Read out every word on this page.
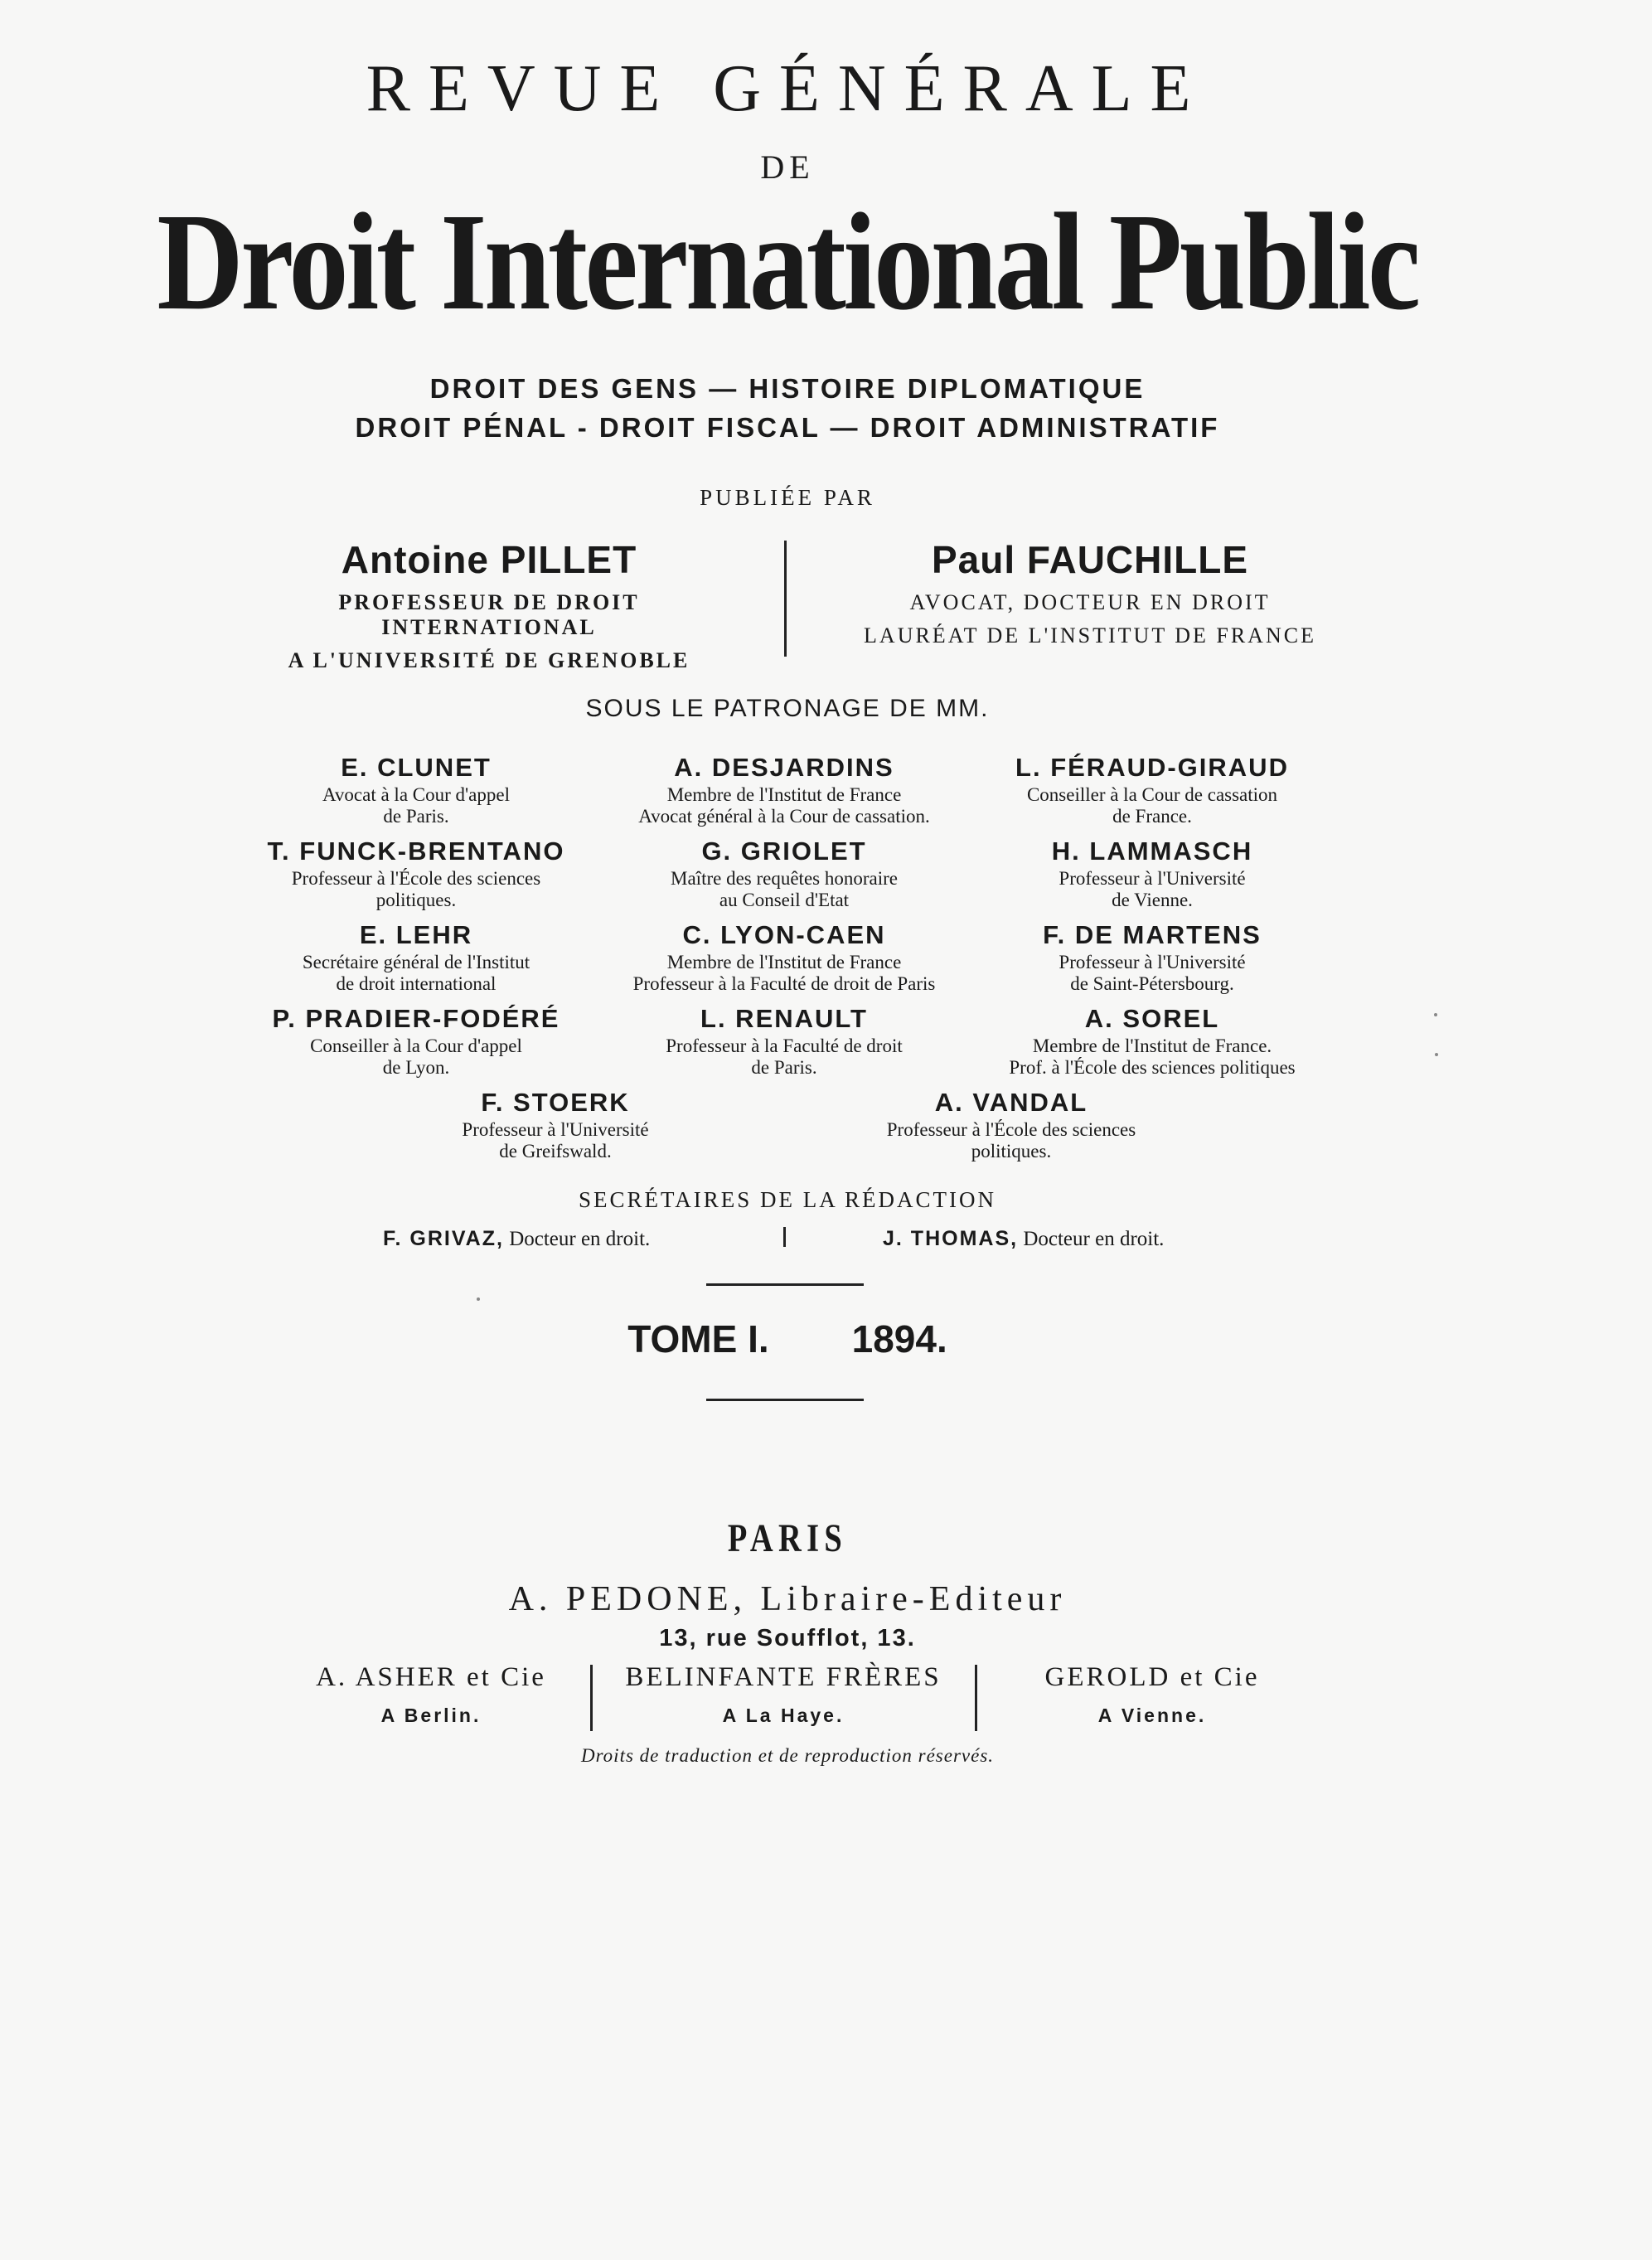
REVUE GÉNÉRALE
DE
Droit International Public
DROIT DES GENS — HISTOIRE DIPLOMATIQUE
DROIT PÉNAL - DROIT FISCAL — DROIT ADMINISTRATIF
PUBLIÉE PAR
Antoine PILLET
PROFESSEUR DE DROIT INTERNATIONAL
A L'UNIVERSITÉ DE GRENOBLE
Paul FAUCHILLE
AVOCAT, DOCTEUR EN DROIT
LAURÉAT DE L'INSTITUT DE FRANCE
SOUS LE PATRONAGE DE MM.
E. CLUNET
Avocat à la Cour d'appel
de Paris.
A. DESJARDINS
Membre de l'Institut de France
Avocat général à la Cour de cassation.
L. FÉRAUD-GIRAUD
Conseiller à la Cour de cassation
de France.
T. FUNCK-BRENTANO
Professeur à l'École des sciences
politiques.
G. GRIOLET
Maître des requêtes honoraire
au Conseil d'Etat
H. LAMMASCH
Professeur à l'Université
de Vienne.
E. LEHR
Secrétaire général de l'Institut
de droit international
C. LYON-CAEN
Membre de l'Institut de France
Professeur à la Faculté de droit de Paris
F. DE MARTENS
Professeur à l'Université
de Saint-Pétersbourg.
P. PRADIER-FODÉRÉ
Conseiller à la Cour d'appel
de Lyon.
L. RENAULT
Professeur à la Faculté de droit
de Paris.
A. SOREL
Membre de l'Institut de France.
Prof. à l'École des sciences politiques
F. STOERK
Professeur à l'Université
de Greifswald.
A. VANDAL
Professeur à l'École des sciences
politiques.
SECRÉTAIRES DE LA RÉDACTION
F. GRIVAZ, Docteur en droit.	J. THOMAS, Docteur en droit.
TOME I. 1894.
PARIS
A. PEDONE, Libraire-Editeur
13, rue Soufflot, 13.
A. ASHER et Cie
A Berlin.
BELINFANTE FRÈRES
A La Haye.
GEROLD et Cie
A Vienne.
Droits de traduction et de reproduction réservés.
